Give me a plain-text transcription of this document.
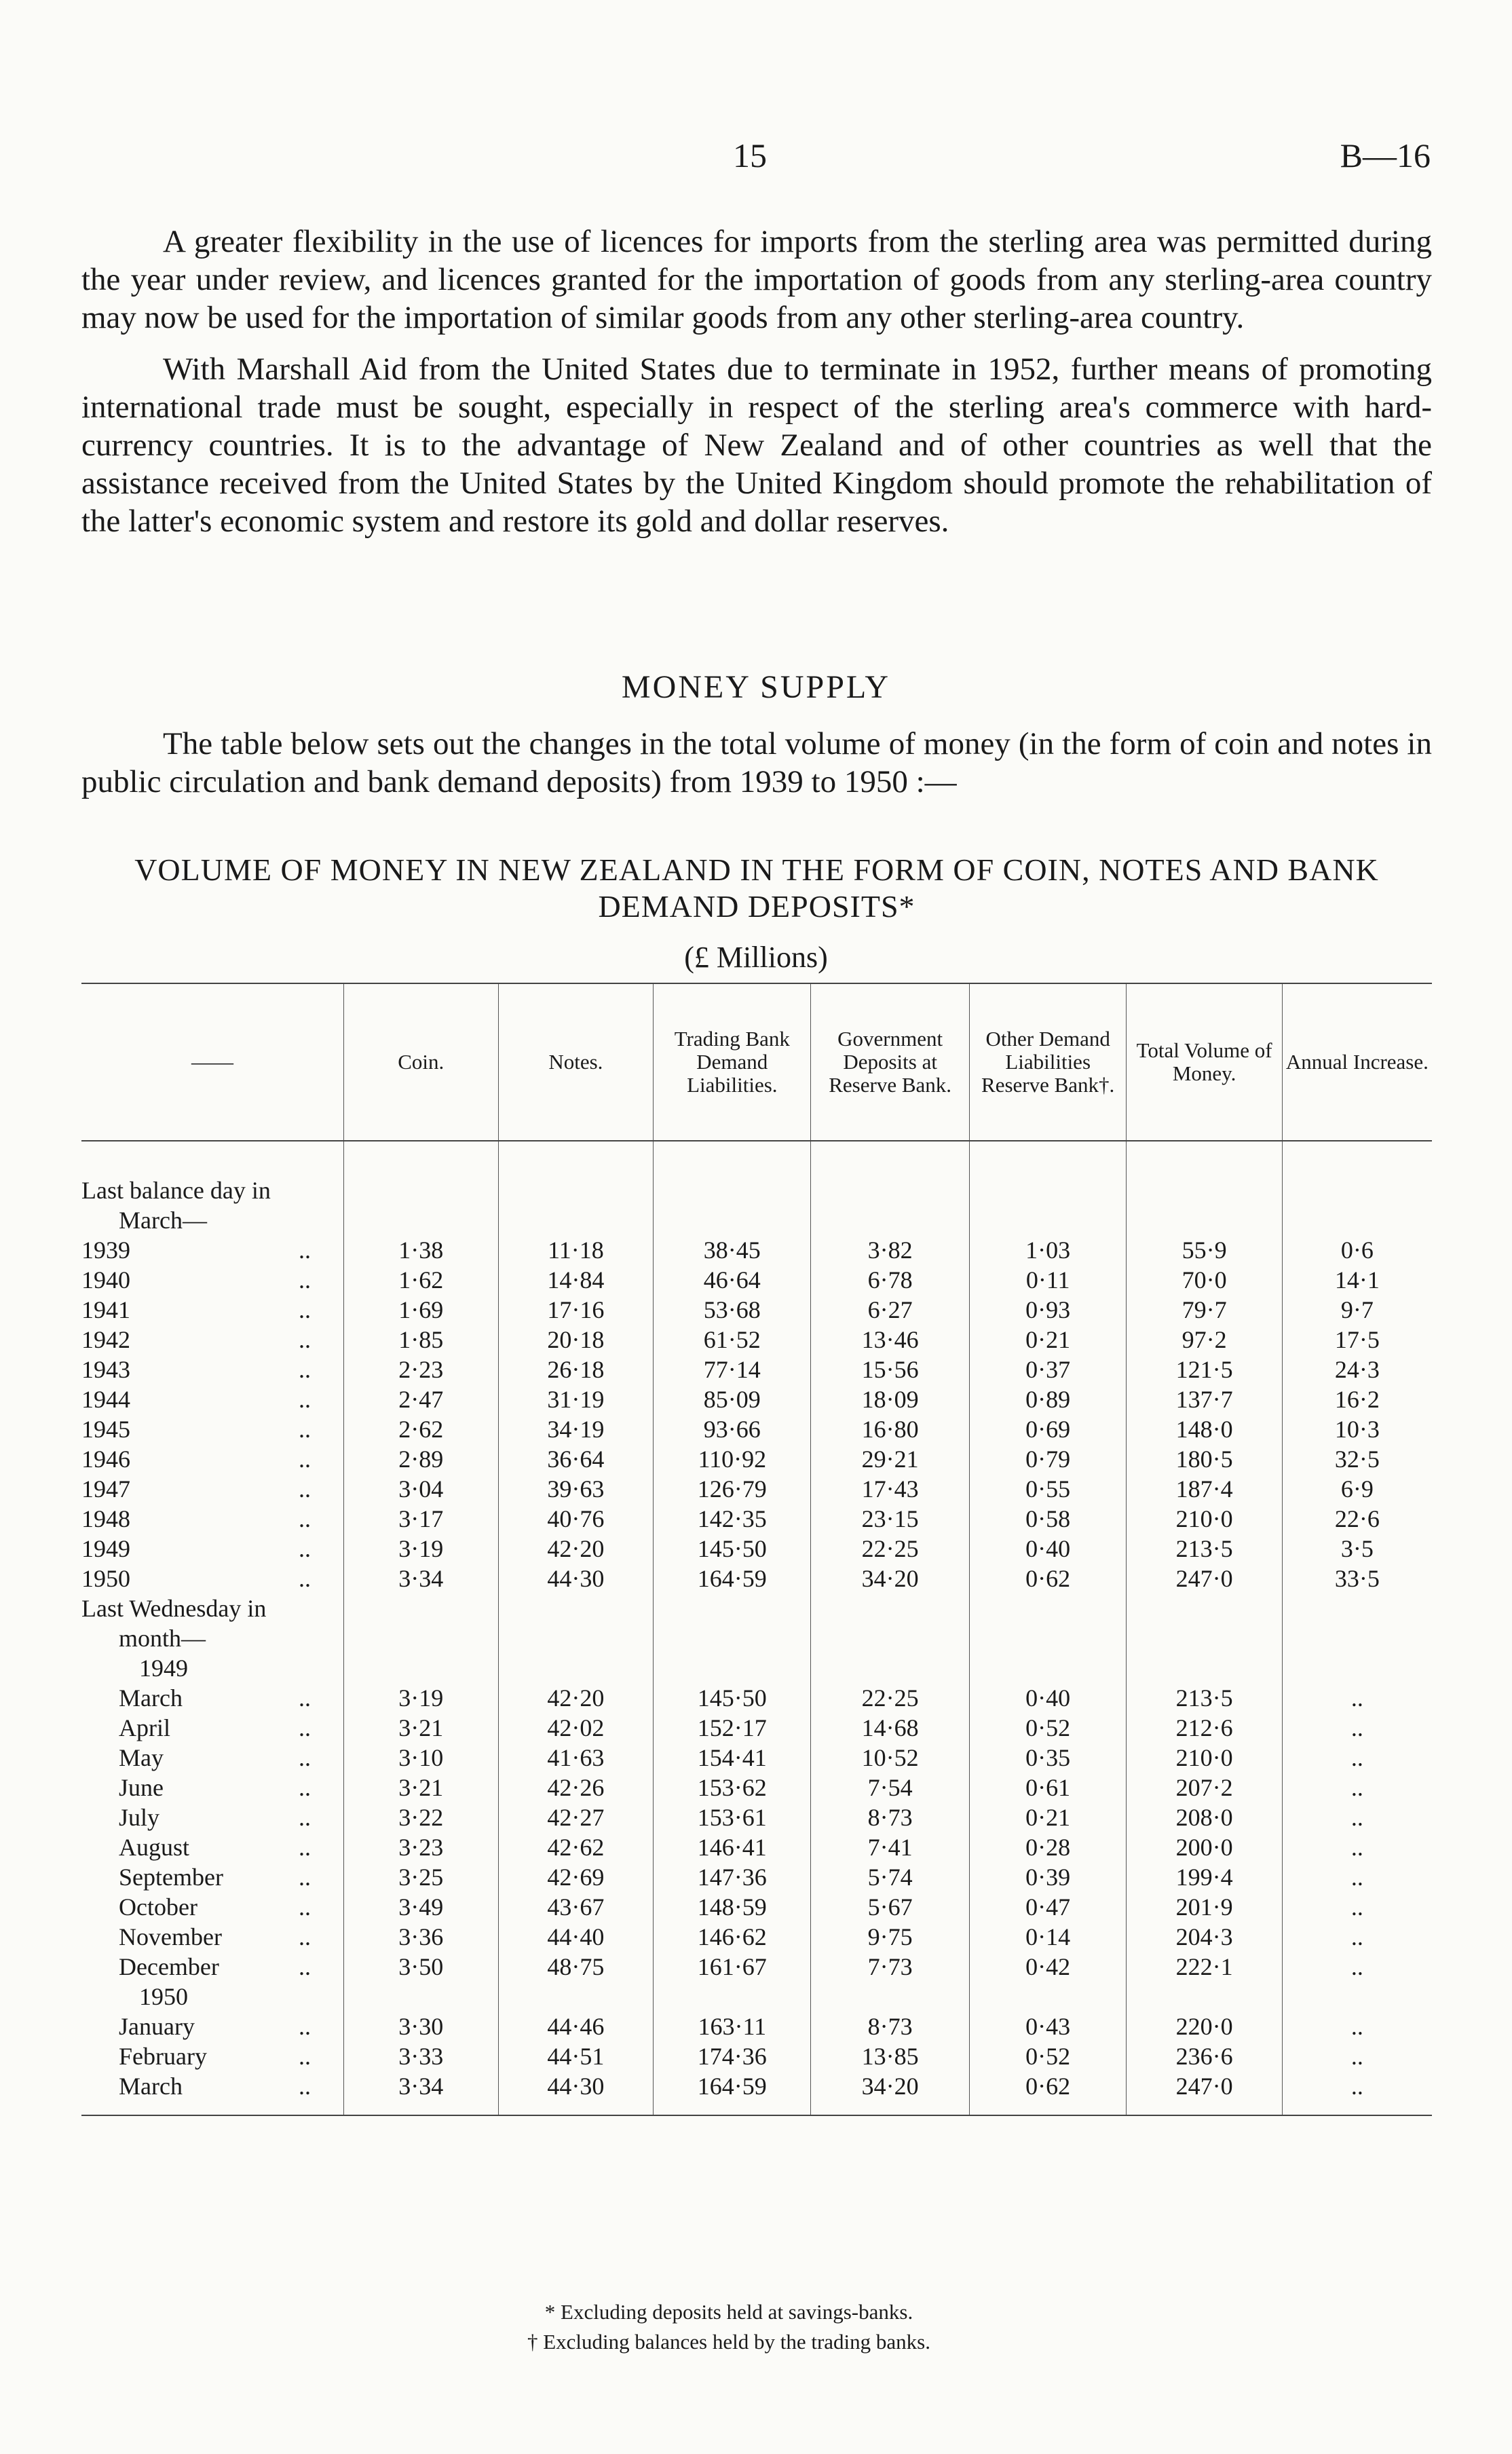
15	B—16

A greater flexibility in the use of licences for imports from the sterling area was permitted during the year under review, and licences granted for the importation of goods from any sterling-area country may now be used for the importation of similar goods from any other sterling-area country.

With Marshall Aid from the United States due to terminate in 1952, further means of promoting international trade must be sought, especially in respect of the sterling area's commerce with hard-currency countries. It is to the advantage of New Zealand and of other countries as well that the assistance received from the United States by the United Kingdom should promote the rehabilitation of the latter's economic system and restore its gold and dollar reserves.

MONEY SUPPLY

The table below sets out the changes in the total volume of money (in the form of coin and notes in public circulation and bank demand deposits) from 1939 to 1950 :—

VOLUME OF MONEY IN NEW ZEALAND IN THE FORM OF COIN, NOTES AND BANK DEMAND DEPOSITS*
(£ Millions)
——	Coin.	Notes.	Trading Bank Demand Liabilities.	Government Deposits at Reserve Bank.	Other Demand Liabilities Reserve Bank†.	Total Volume of Money.	Annual Increase.

Last balance day in							
March—							
1939 ..	1·38	11·18	38·45	3·82	1·03	55·9	0·6
1940 ..	1·62	14·84	46·64	6·78	0·11	70·0	14·1
1941 ..	1·69	17·16	53·68	6·27	0·93	79·7	9·7
1942 ..	1·85	20·18	61·52	13·46	0·21	97·2	17·5
1943 ..	2·23	26·18	77·14	15·56	0·37	121·5	24·3
1944 ..	2·47	31·19	85·09	18·09	0·89	137·7	16·2
1945 ..	2·62	34·19	93·66	16·80	0·69	148·0	10·3
1946 ..	2·89	36·64	110·92	29·21	0·79	180·5	32·5
1947 ..	3·04	39·63	126·79	17·43	0·55	187·4	6·9
1948 ..	3·17	40·76	142·35	23·15	0·58	210·0	22·6
1949 ..	3·19	42·20	145·50	22·25	0·40	213·5	3·5
1950 ..	3·34	44·30	164·59	34·20	0·62	247·0	33·5
Last Wednesday in							
month—							
1949							
March ..	3·19	42·20	145·50	22·25	0·40	213·5	..
April ..	3·21	42·02	152·17	14·68	0·52	212·6	..
May ..	3·10	41·63	154·41	10·52	0·35	210·0	..
June ..	3·21	42·26	153·62	7·54	0·61	207·2	..
July ..	3·22	42·27	153·61	8·73	0·21	208·0	..
August ..	3·23	42·62	146·41	7·41	0·28	200·0	..
September ..	3·25	42·69	147·36	5·74	0·39	199·4	..
October ..	3·49	43·67	148·59	5·67	0·47	201·9	..
November ..	3·36	44·40	146·62	9·75	0·14	204·3	..
December ..	3·50	48·75	161·67	7·73	0·42	222·1	..
1950							
January ..	3·30	44·46	163·11	8·73	0·43	220·0	..
February ..	3·33	44·51	174·36	13·85	0·52	236·6	..
March ..	3·34	44·30	164·59	34·20	0·62	247·0	..
* Excluding deposits held at savings-banks.
† Excluding balances held by the trading banks.
